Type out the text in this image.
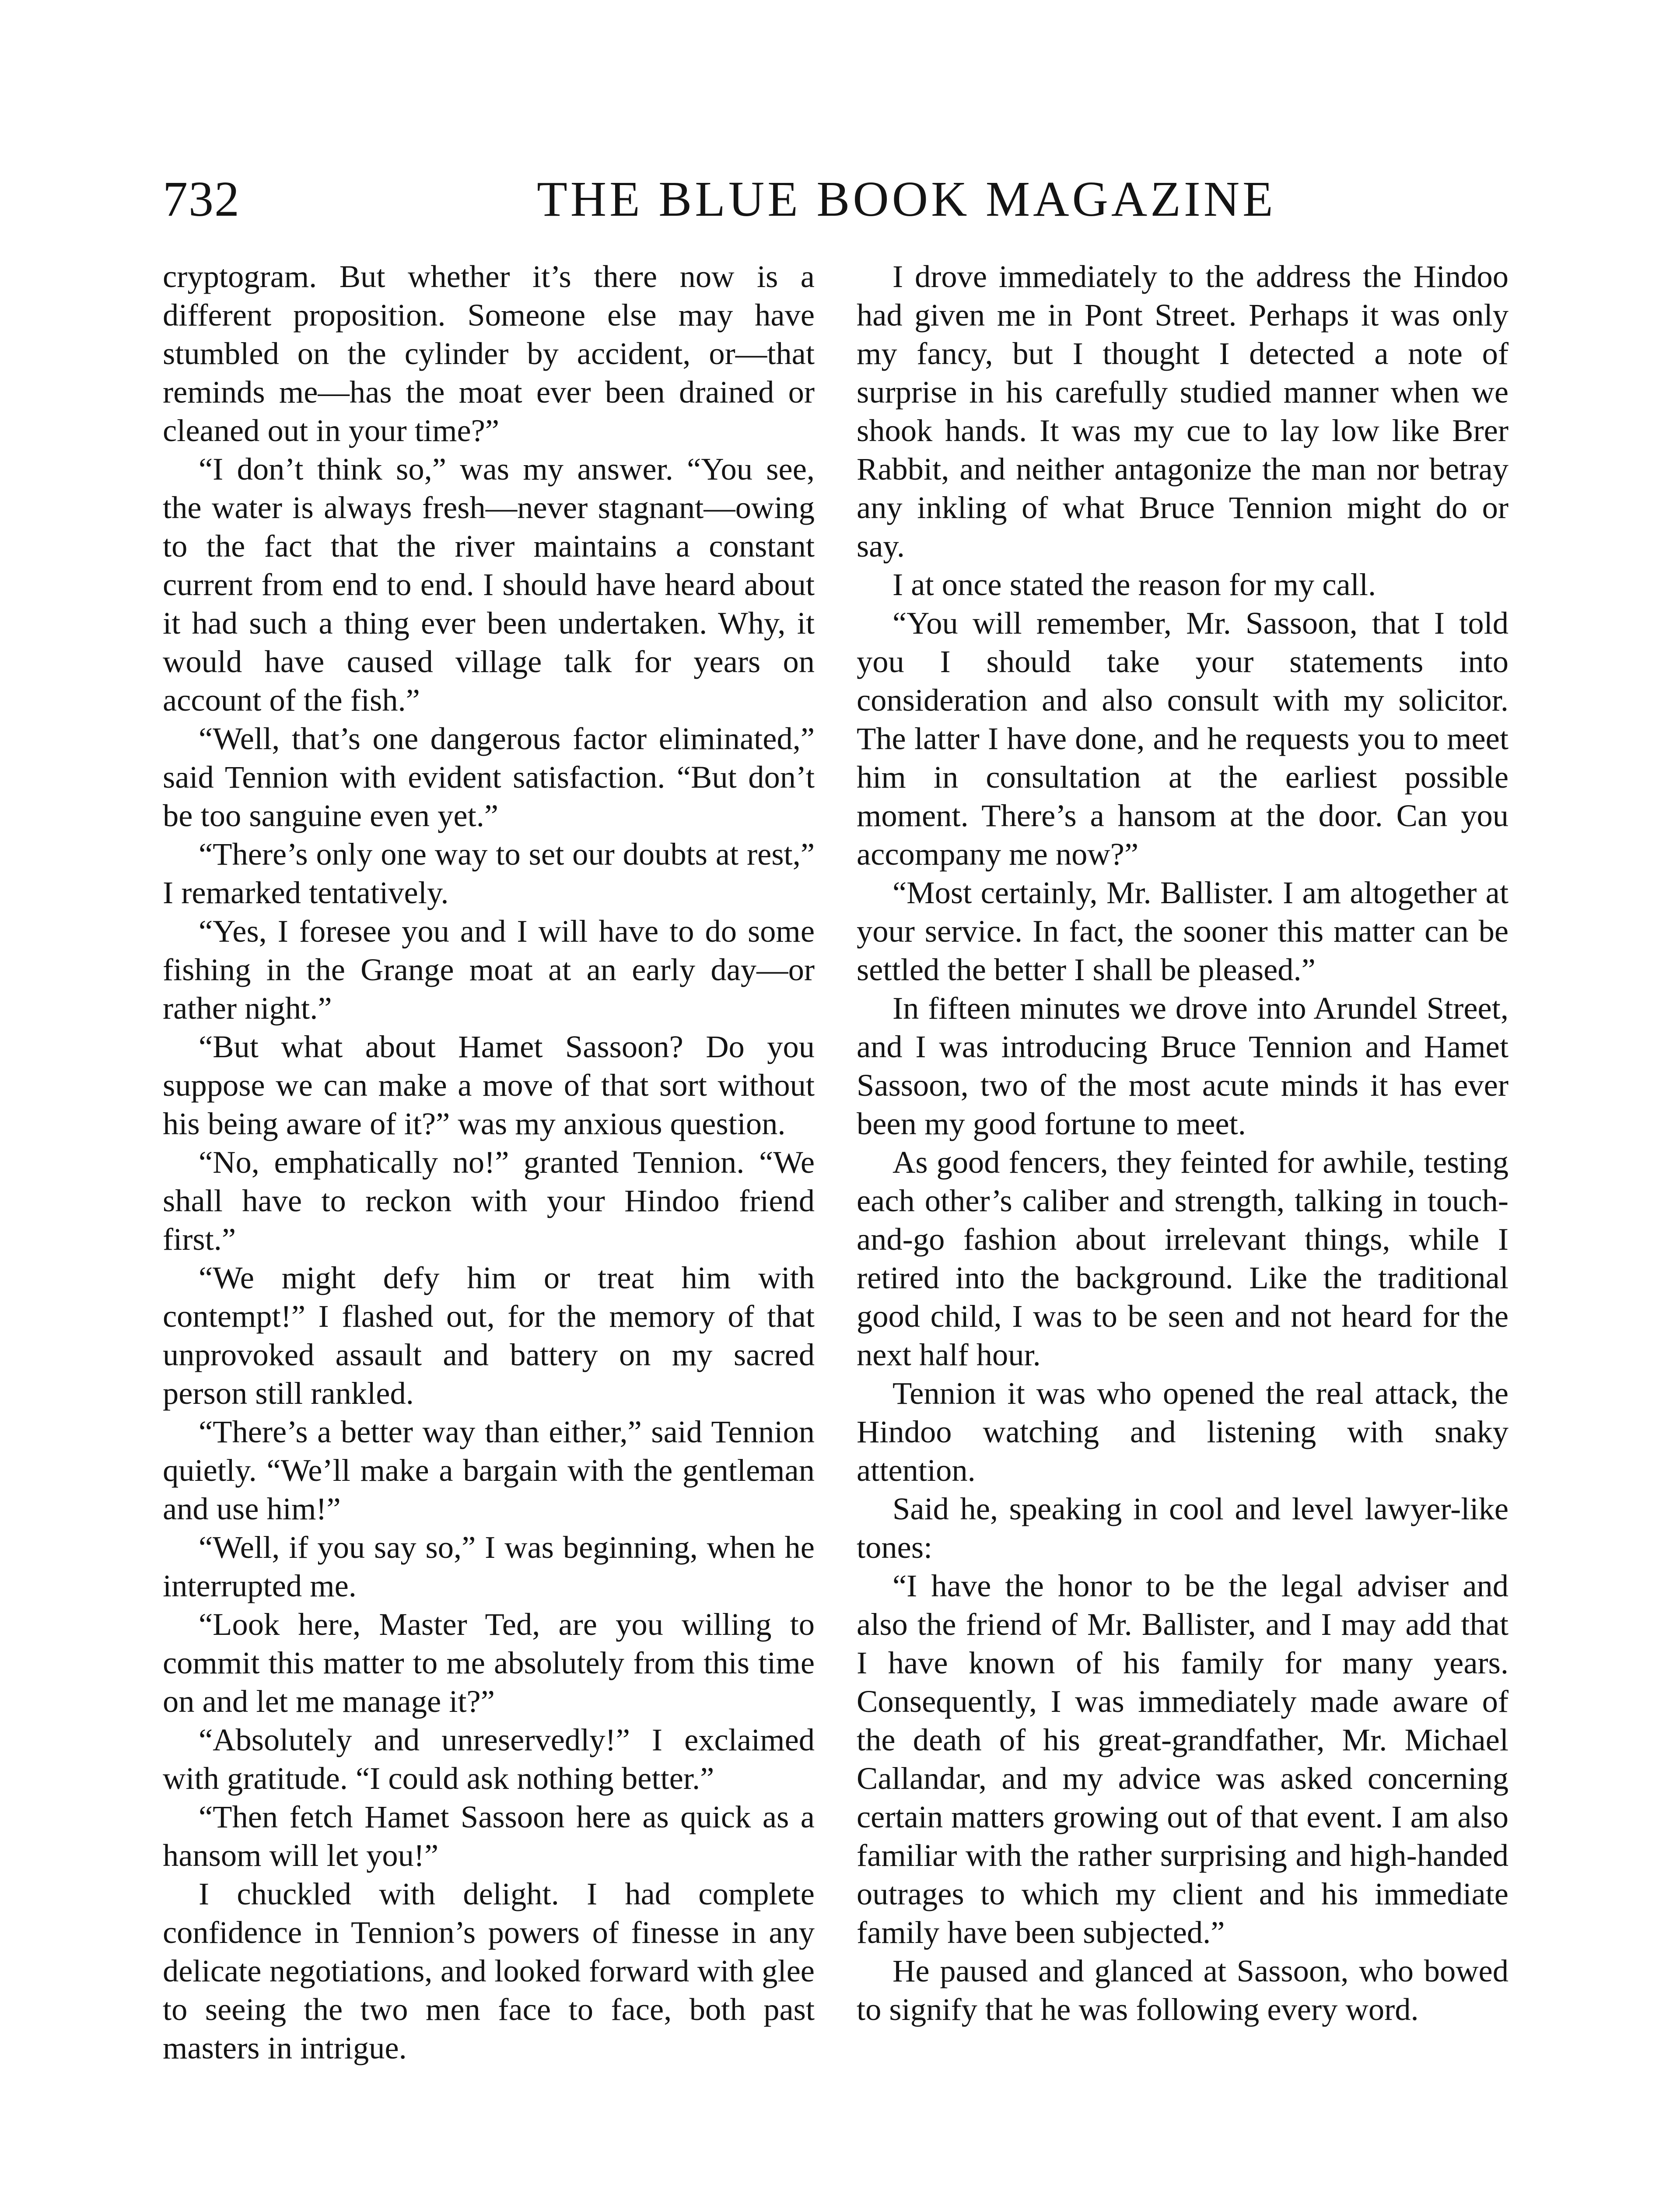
732	THE BLUE BOOK MAGAZINE

cryptogram. But whether it’s there now is a different proposition. Someone else may have stumbled on the cylinder by accident, or—that reminds me—has the moat ever been drained or cleaned out in your time?”

“I don’t think so,” was my answer. “You see, the water is always fresh—never stagnant—owing to the fact that the river maintains a constant current from end to end. I should have heard about it had such a thing ever been undertaken. Why, it would have caused village talk for years on account of the fish.”

“Well, that’s one dangerous factor eliminated,” said Tennion with evident satisfaction. “But don’t be too sanguine even yet.”

“There’s only one way to set our doubts at rest,” I remarked tentatively.

“Yes, I foresee you and I will have to do some fishing in the Grange moat at an early day—or rather night.”

“But what about Hamet Sassoon? Do you suppose we can make a move of that sort without his being aware of it?” was my anxious question.

“No, emphatically no!” granted Tennion. “We shall have to reckon with your Hindoo friend first.”

“We might defy him or treat him with contempt!” I flashed out, for the memory of that unprovoked assault and battery on my sacred person still rankled.

“There’s a better way than either,” said Tennion quietly. “We’ll make a bargain with the gentleman and use him!”

“Well, if you say so,” I was beginning, when he interrupted me.

“Look here, Master Ted, are you willing to commit this matter to me absolutely from this time on and let me manage it?”

“Absolutely and unreservedly!” I exclaimed with gratitude. “I could ask nothing better.”

“Then fetch Hamet Sassoon here as quick as a hansom will let you!”

I chuckled with delight. I had complete confidence in Tennion’s powers of finesse in any delicate negotiations, and looked forward with glee to seeing the two men face to face, both past masters in intrigue.

I drove immediately to the address the Hindoo had given me in Pont Street. Perhaps it was only my fancy, but I thought I detected a note of surprise in his carefully studied manner when we shook hands. It was my cue to lay low like Brer Rabbit, and neither antagonize the man nor betray any inkling of what Bruce Tennion might do or say.

I at once stated the reason for my call.

“You will remember, Mr. Sassoon, that I told you I should take your statements into consideration and also consult with my solicitor. The latter I have done, and he requests you to meet him in consultation at the earliest possible moment. There’s a hansom at the door. Can you accompany me now?”

“Most certainly, Mr. Ballister. I am altogether at your service. In fact, the sooner this matter can be settled the better I shall be pleased.”

In fifteen minutes we drove into Arundel Street, and I was introducing Bruce Tennion and Hamet Sassoon, two of the most acute minds it has ever been my good fortune to meet.

As good fencers, they feinted for awhile, testing each other’s caliber and strength, talking in touch-and-go fashion about irrelevant things, while I retired into the background. Like the traditional good child, I was to be seen and not heard for the next half hour.

Tennion it was who opened the real attack, the Hindoo watching and listening with snaky attention.

Said he, speaking in cool and level lawyer-like tones:

“I have the honor to be the legal adviser and also the friend of Mr. Ballister, and I may add that I have known of his family for many years. Consequently, I was immediately made aware of the death of his great-grandfather, Mr. Michael Callandar, and my advice was asked concerning certain matters growing out of that event. I am also familiar with the rather surprising and high-handed outrages to which my client and his immediate family have been subjected.”

He paused and glanced at Sassoon, who bowed to signify that he was following every word.
